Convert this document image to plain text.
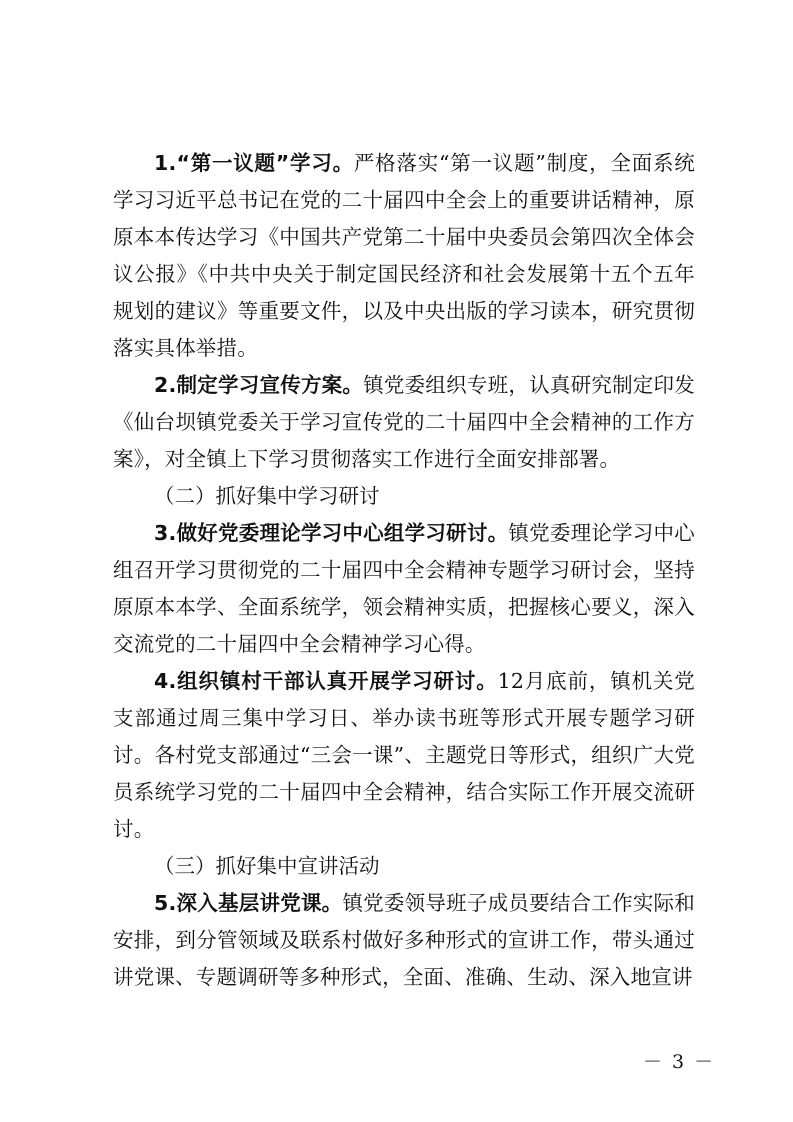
1.“第一议题”学习。严格落实“第一议题”制度，全面系统学习习近平总书记在党的二十届四中全会上的重要讲话精神，原原本本传达学习《中国共产党第二十届中央委员会第四次全体会议公报》《中共中央关于制定国民经济和社会发展第十五个五年规划的建议》等重要文件，以及中央出版的学习读本，研究贯彻落实具体举措。

2.制定学习宣传方案。镇党委组织专班，认真研究制定印发《仙台坝镇党委关于学习宣传党的二十届四中全会精神的工作方案》，对全镇上下学习贯彻落实工作进行全面安排部署。

（二）抓好集中学习研讨

3.做好党委理论学习中心组学习研讨。镇党委理论学习中心组召开学习贯彻党的二十届四中全会精神专题学习研讨会，坚持原原本本学、全面系统学，领会精神实质，把握核心要义，深入交流党的二十届四中全会精神学习心得。

4.组织镇村干部认真开展学习研讨。12月底前，镇机关党支部通过周三集中学习日、举办读书班等形式开展专题学习研讨。各村党支部通过“三会一课”、主题党日等形式，组织广大党员系统学习党的二十届四中全会精神，结合实际工作开展交流研讨。

（三）抓好集中宣讲活动

5.深入基层讲党课。镇党委领导班子成员要结合工作实际和安排，到分管领域及联系村做好多种形式的宣讲工作，带头通过讲党课、专题调研等多种形式，全面、准确、生动、深入地宣讲

－ 3 －
